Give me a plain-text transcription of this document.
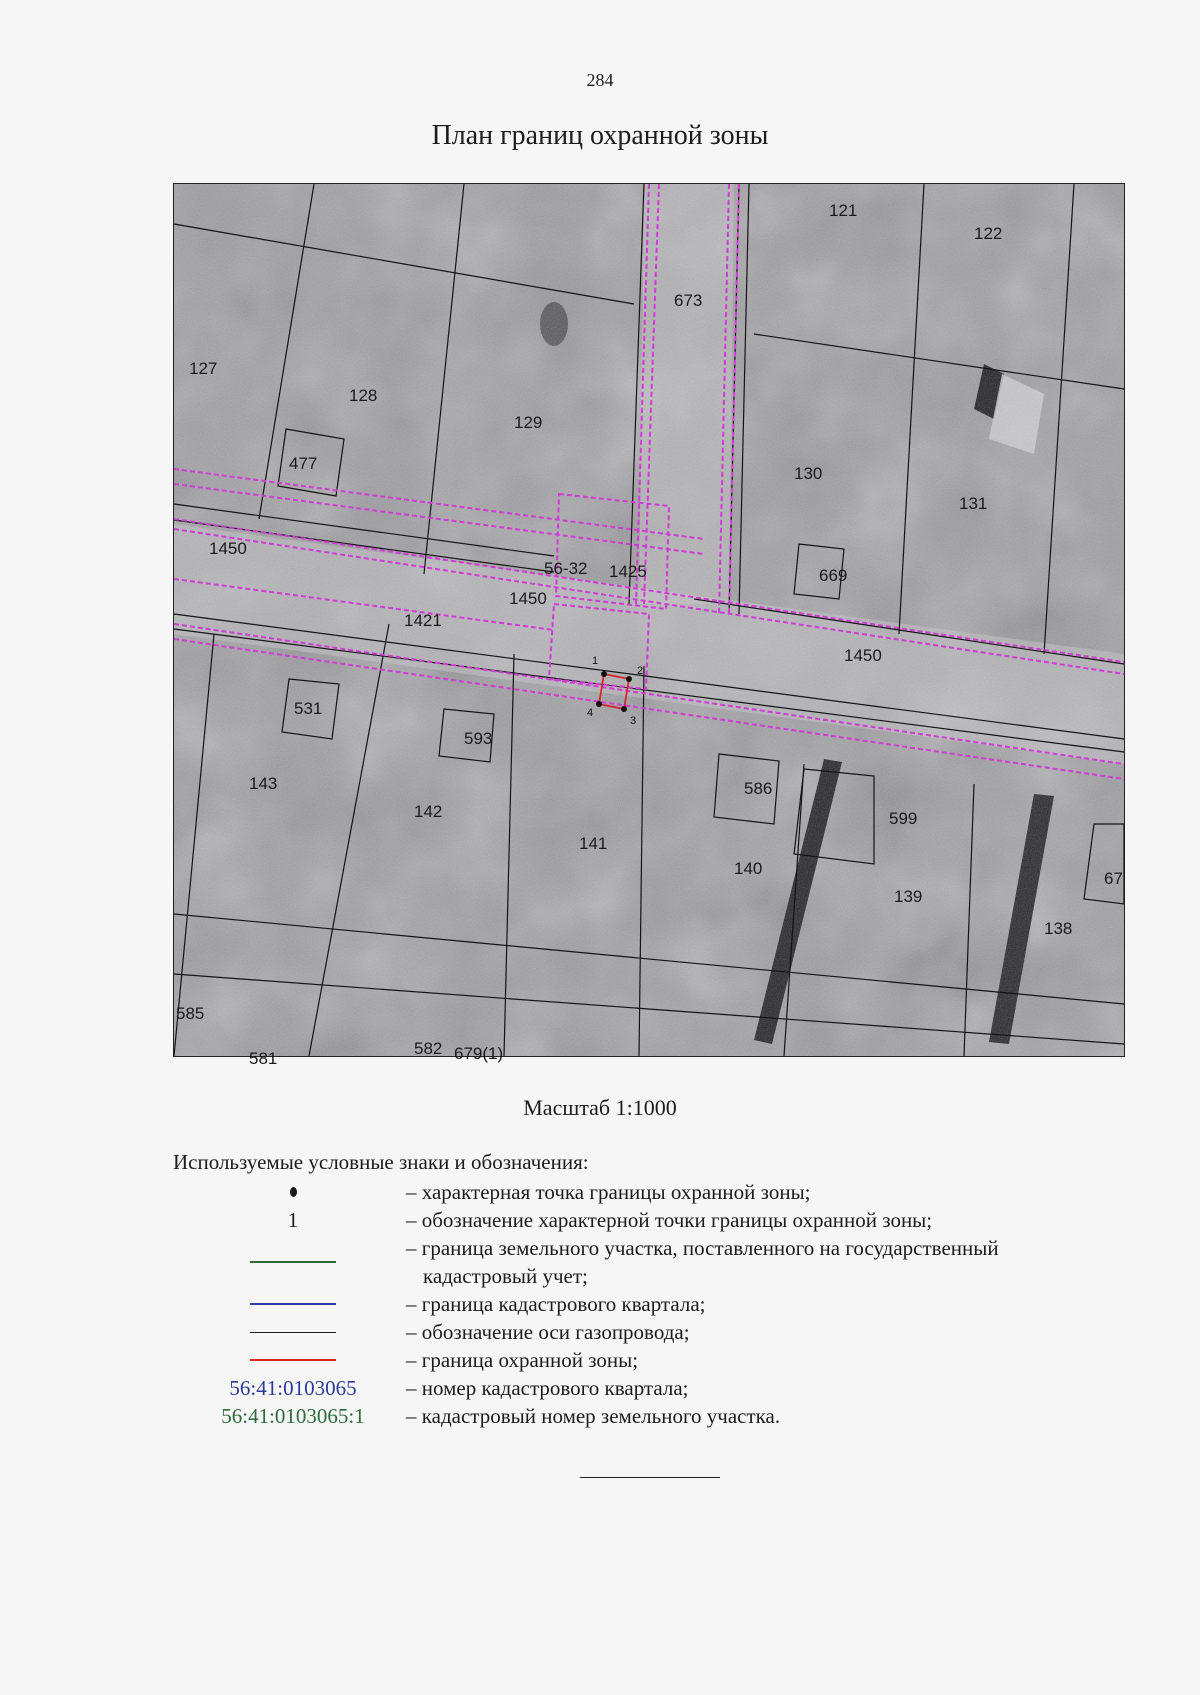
284
План границ охранной зоны
121
122
673
127
128
129
477
130
131
1450
669
56-32 1425
1450
1421
1450
531
593
586
599
143
142
141
140
139
138
67
585
582 679(1)
581
1
2
3
4
Масштаб 1:1000
Используемые условные знаки и обозначения:
– характерная точка границы охранной зоны;
1	– обозначение характерной точки границы охранной зоны;
– граница земельного участка, поставленного на государственный
кадастровый учет;
– граница кадастрового квартала;
– обозначение оси газопровода;
– граница охранной зоны;
56:41:0103065	– номер кадастрового квартала;
56:41:0103065:1	– кадастровый номер земельного участка.
